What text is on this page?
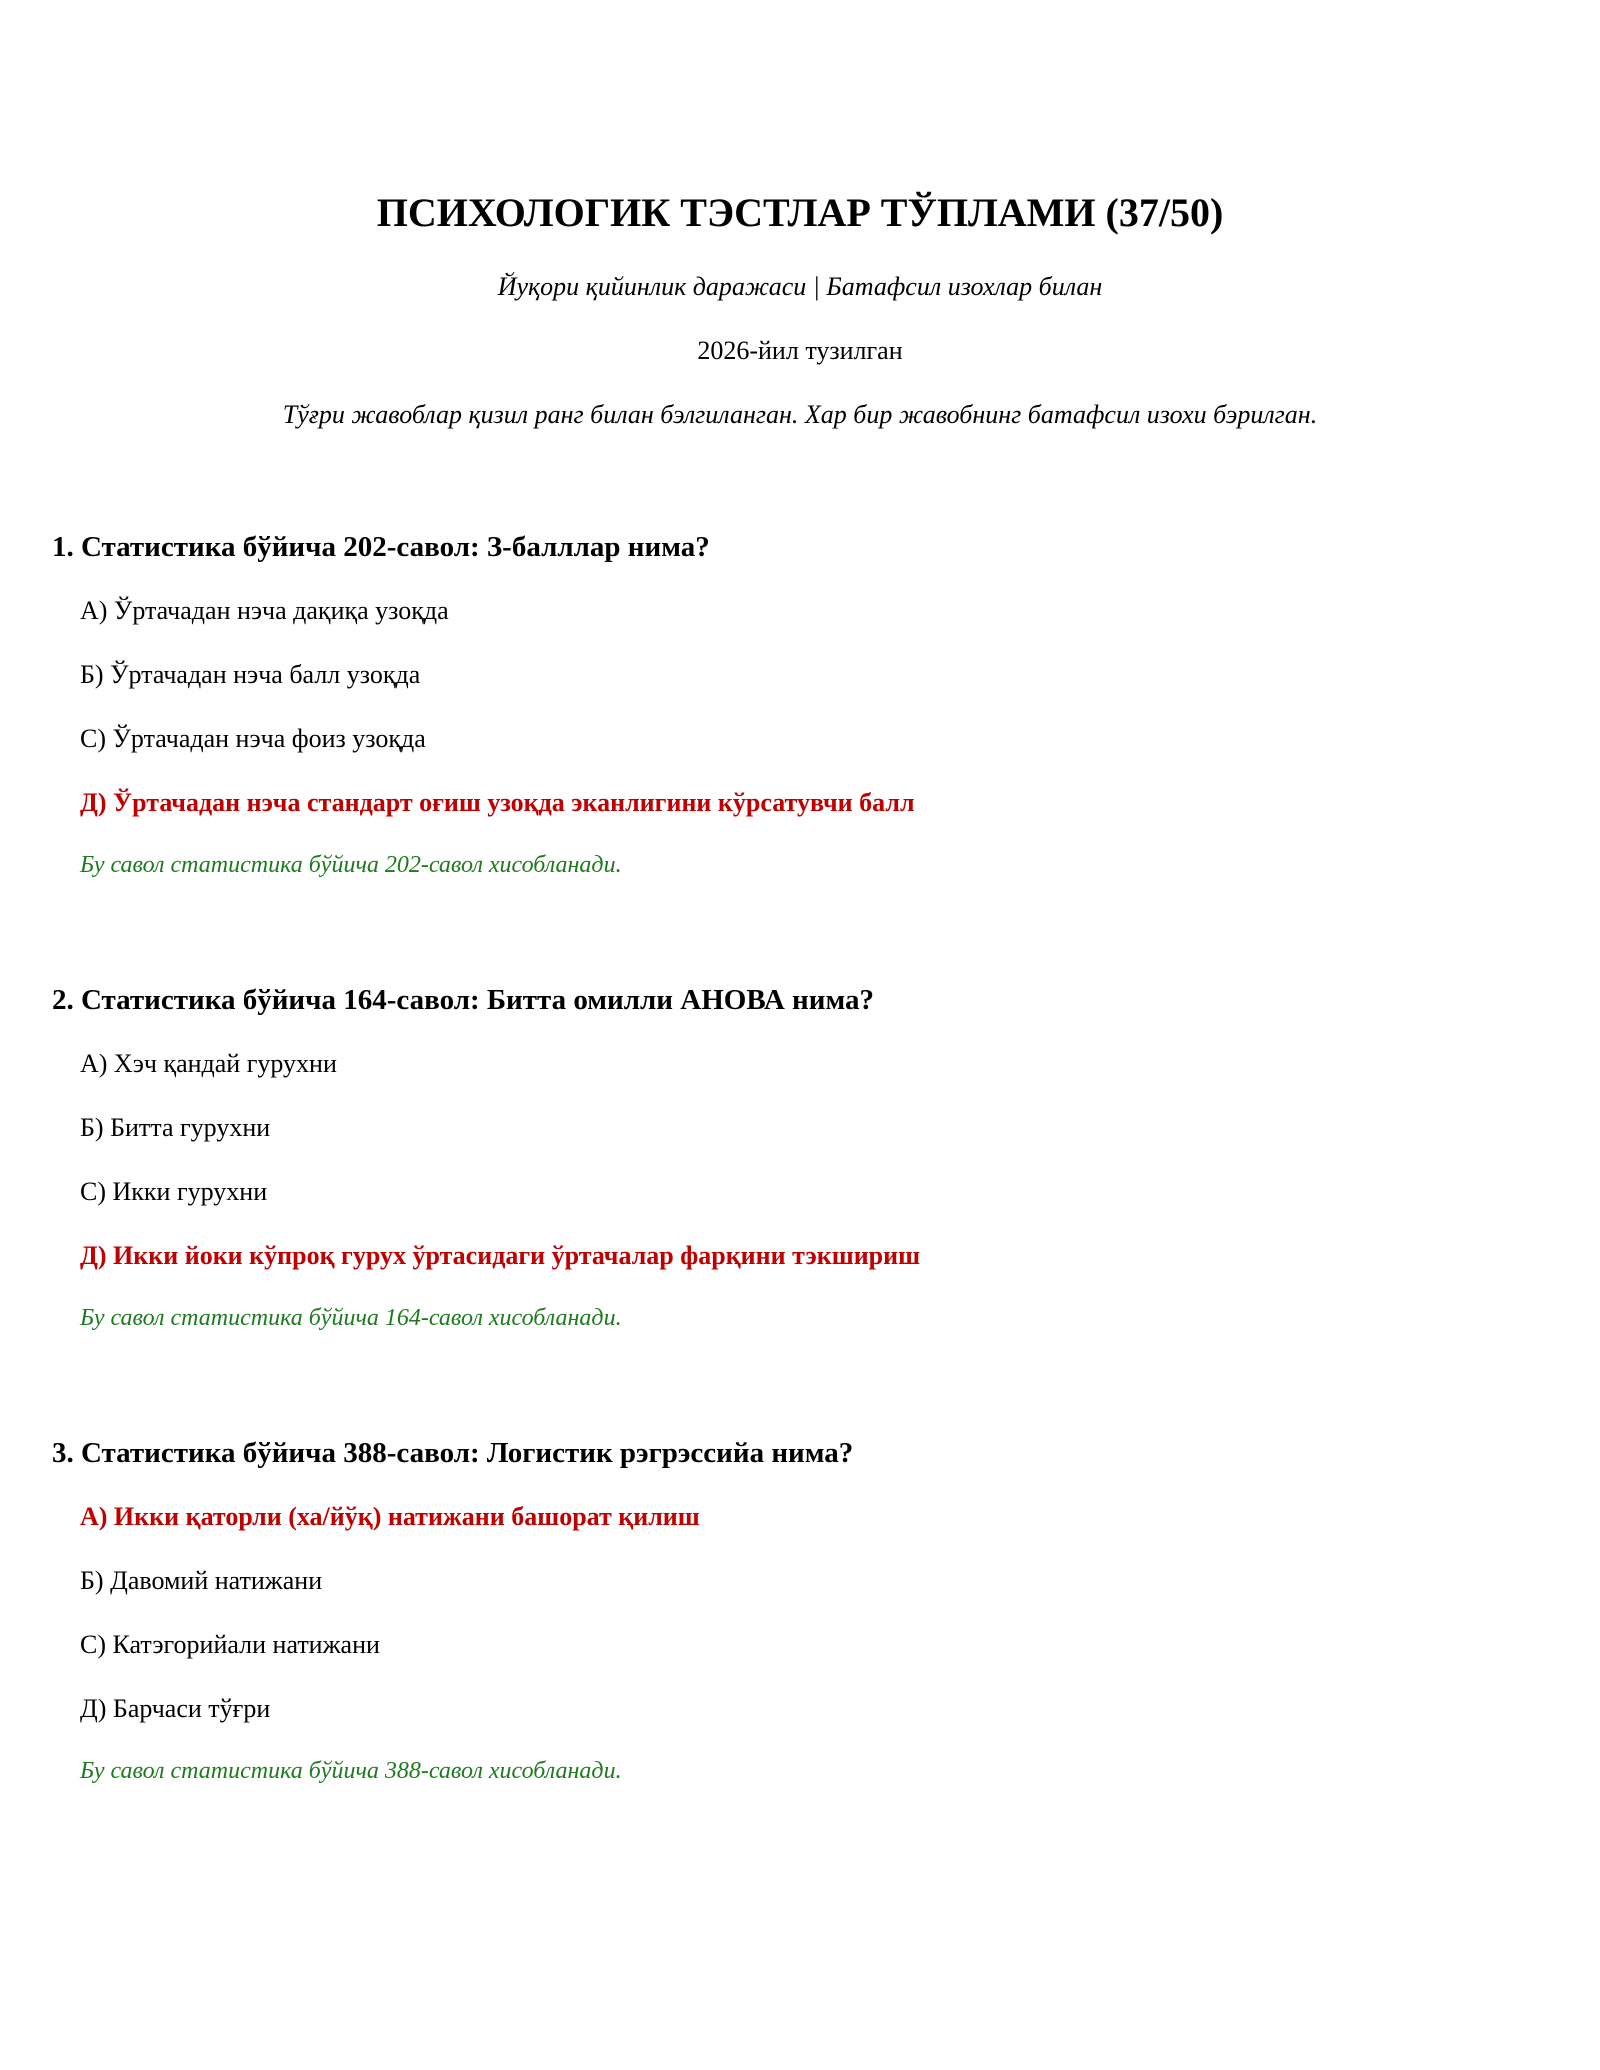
ПСИХОЛОГИК ТЭСТЛАР ТЎПЛАМИ (37/50)
Йуқори қийинлик даражаси | Батафсил изохлар билан
2026-йил тузилган
Тўғри жавоблар қизил ранг билан бэлгиланган. Хар бир жавобнинг батафсил изохи бэрилган.
1. Статистика бўйича 202-савол: З-балллар нима?
А) Ўртачадан нэча дақиқа узоқда
Б) Ўртачадан нэча балл узоқда
С) Ўртачадан нэча фоиз узоқда
Д) Ўртачадан нэча стандарт оғиш узоқда эканлигини кўрсатувчи балл
Бу савол статистика бўйича 202-савол хисобланади.
2. Статистика бўйича 164-савол: Битта омилли АНОВА нима?
А) Хэч қандай гурухни
Б) Битта гурухни
С) Икки гурухни
Д) Икки йоки кўпроқ гурух ўртасидаги ўртачалар фарқини тэкшириш
Бу савол статистика бўйича 164-савол хисобланади.
3. Статистика бўйича 388-савол: Логистик рэгрэссийа нима?
А) Икки қаторли (ха/йўқ) натижани башорат қилиш
Б) Давомий натижани
С) Катэгорийали натижани
Д) Барчаси тўғри
Бу савол статистика бўйича 388-савол хисобланади.
